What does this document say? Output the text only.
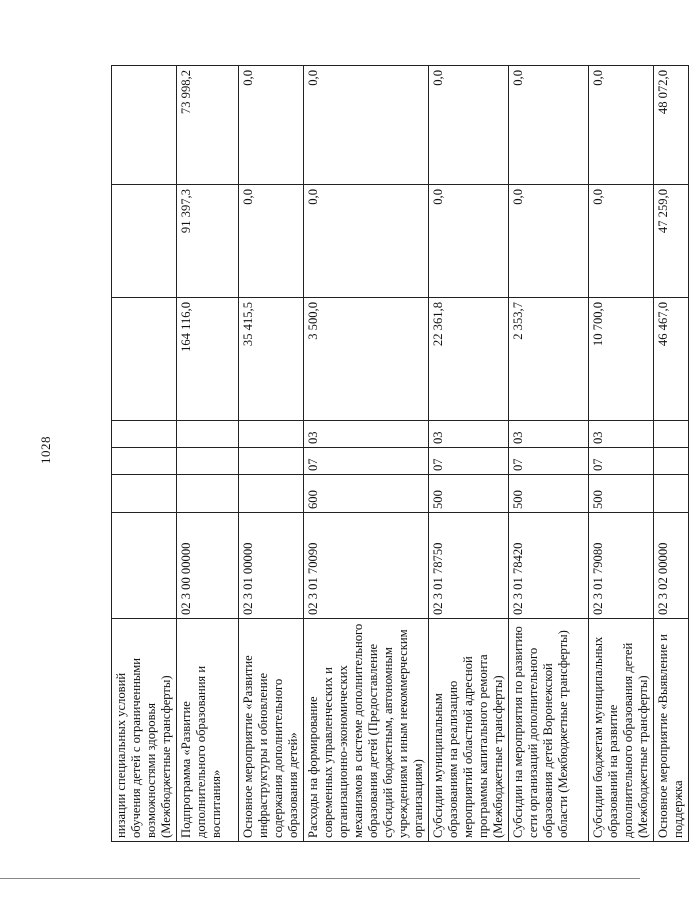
1028
низации специальных условий обучения детей с ограниченными возможностями здоровья (Межбюджетные трансферты)							
Подпрограмма «Развитие дополнительного образования и воспитания»	02 3 00 00000				164 116,0	91 397,3	73 998,2
Основное мероприятие «Развитие инфраструктуры и обновление содержания дополнительного образования детей»	02 3 01 00000				35 415,5	0,0	0,0
Расходы на формирование современных управленческих и организационно-экономических механизмов в системе дополнительного образования детей (Предоставление субсидий бюджетным, автономным учреждениям и иным некоммерческим организациям)	02 3 01 70090	600	07	03	3 500,0	0,0	0,0
Субсидии муниципальным образованиям на реализацию мероприятий областной адресной программы капитального ремонта (Межбюджетные трансферты)	02 3 01 78750	500	07	03	22 361,8	0,0	0,0
Субсидии на мероприятия по развитию сети организаций дополнительного образования детей Воронежской области (Межбюджетные трансферты)	02 3 01 78420	500	07	03	2 353,7	0,0	0,0
Субсидии бюджетам муниципальных образований на развитие дополнительного образования детей (Межбюджетные трансферты)	02 3 01 79080	500	07	03	10 700,0	0,0	0,0
Основное мероприятие «Выявление и поддержка	02 3 02 00000				46 467,0	47 259,0	48 072,0
